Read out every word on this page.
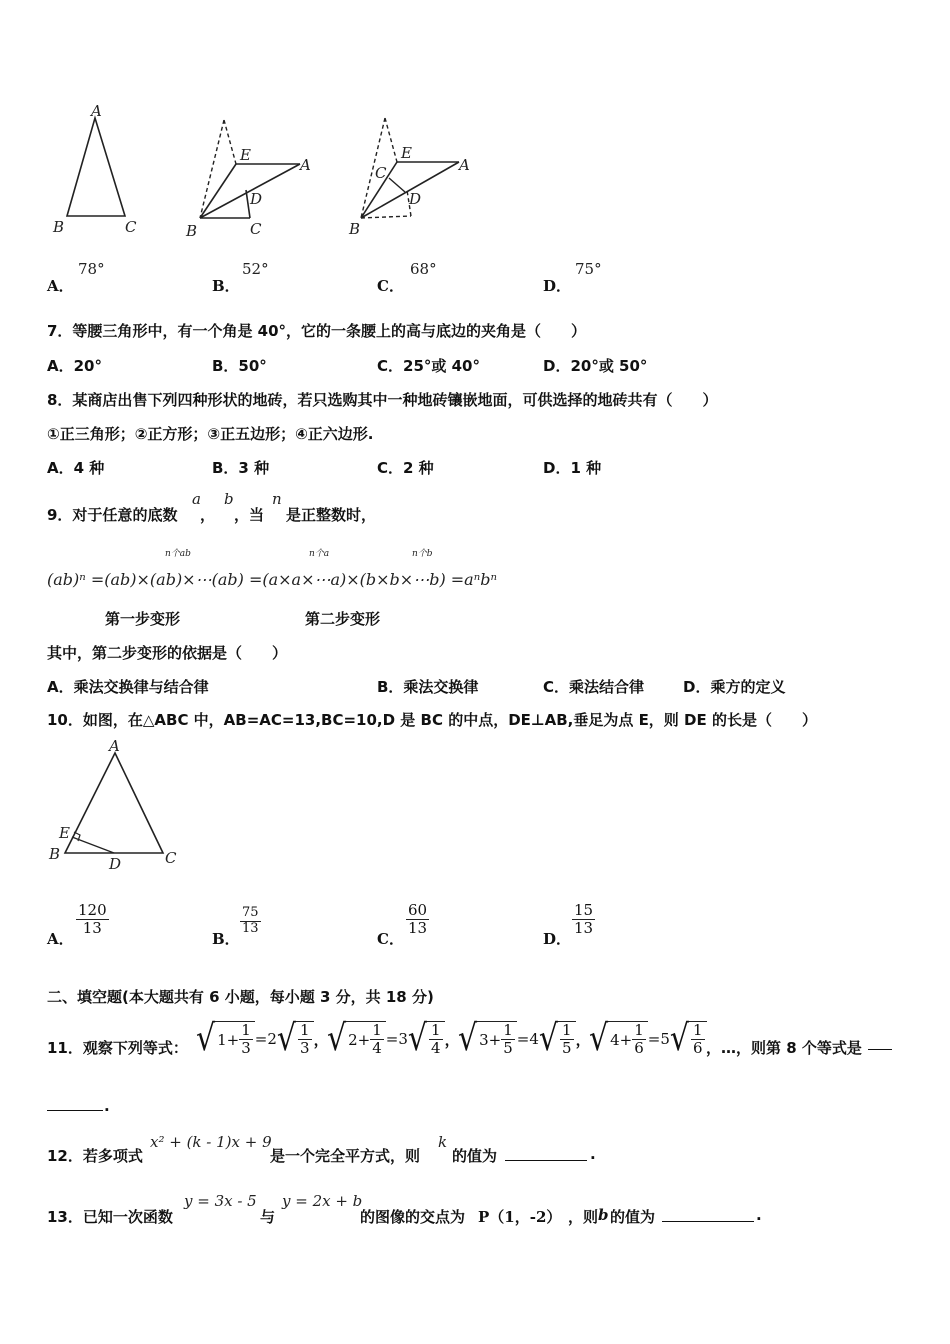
A
B	C
E
A
D
B	C
E
A
C
D
B
A．
78°
B．
52°
C．
68°
D．
75°
7．等腰三角形中，有一个角是 40°，它的一条腰上的高与底边的夹角是（　　）
A．20°	B．50°	C．25°或 40°	D．20°或 50°
8．某商店出售下列四种形状的地砖，若只选购其中一种地砖镶嵌地面，可供选择的地砖共有（　　）
①正三角形；②正方形；③正五边形；④正六边形.
A．4 种	B．3 种	C．2 种	D．1 种
9．对于任意的底数
a
，
b
，当
n
是正整数时，
n个ab	n个a	n个b
(ab)ⁿ =(ab)×(ab)×⋯(ab) =(a×a×⋯a)×(b×b×⋯b) =aⁿbⁿ
第一步变形	第二步变形
其中，第二步变形的依据是（　　）
A．乘法交换律与结合律	B．乘法交换律	C．乘法结合律	D．乘方的定义
10．如图，在△ABC 中，AB=AC=13,BC=10,D 是 BC 的中点，DE⊥AB,垂足为点 E，则 DE 的长是（　　）
A
E
B
D	C
A．
$\frac{120}{13}$
B．
$\frac{75}{13}$
C．
$\frac{60}{13}$
D．
$\frac{15}{13}$
二、填空题(本大题共有 6 小题，每小题 3 分，共 18 分)
11．观察下列等式： √ $1 + \frac{1}{3} =2$ √ $\frac{1}{3}$ ，
√ $2 + \frac{1}{4} =3$ √ $\frac{1}{4}$ ，
√ $3 + \frac{1}{5} =4$ √ $\frac{1}{5}$ ，
√ $4 + \frac{1}{6} =5$ √ $\frac{1}{6}$ ，…，则第 8 个等式是
.
12．若多项式
x² + (k - 1)x + 9
是一个完全平方式，则
k
的值为	.
13．已知一次函数
y = 3x - 5
与
y = 2x + b
的图像的交点为 P（1，-2） ，则 b 的值为	.
